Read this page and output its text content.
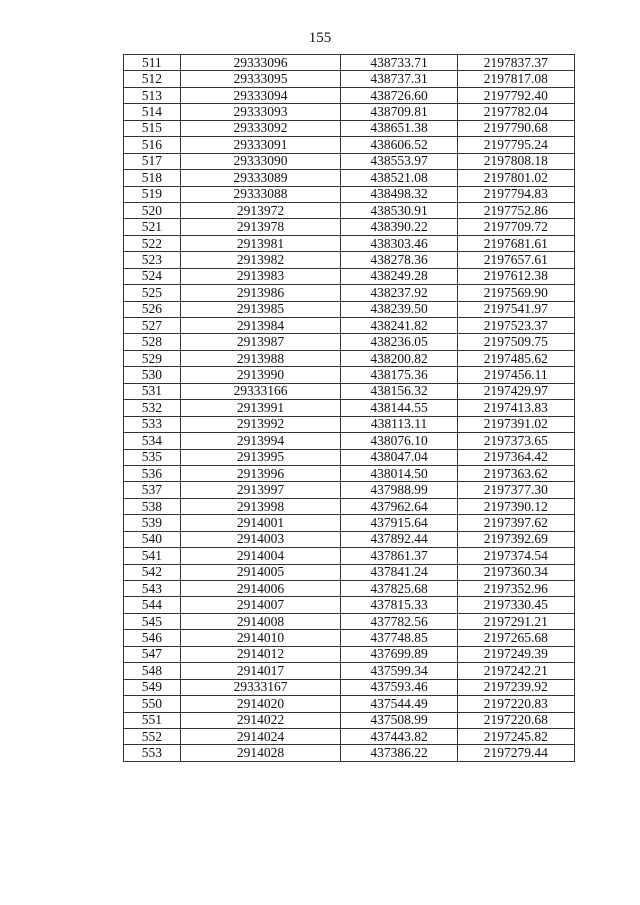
155
511	29333096	438733.71	2197837.37
512	29333095	438737.31	2197817.08
513	29333094	438726.60	2197792.40
514	29333093	438709.81	2197782.04
515	29333092	438651.38	2197790.68
516	29333091	438606.52	2197795.24
517	29333090	438553.97	2197808.18
518	29333089	438521.08	2197801.02
519	29333088	438498.32	2197794.83
520	2913972	438530.91	2197752.86
521	2913978	438390.22	2197709.72
522	2913981	438303.46	2197681.61
523	2913982	438278.36	2197657.61
524	2913983	438249.28	2197612.38
525	2913986	438237.92	2197569.90
526	2913985	438239.50	2197541.97
527	2913984	438241.82	2197523.37
528	2913987	438236.05	2197509.75
529	2913988	438200.82	2197485.62
530	2913990	438175.36	2197456.11
531	29333166	438156.32	2197429.97
532	2913991	438144.55	2197413.83
533	2913992	438113.11	2197391.02
534	2913994	438076.10	2197373.65
535	2913995	438047.04	2197364.42
536	2913996	438014.50	2197363.62
537	2913997	437988.99	2197377.30
538	2913998	437962.64	2197390.12
539	2914001	437915.64	2197397.62
540	2914003	437892.44	2197392.69
541	2914004	437861.37	2197374.54
542	2914005	437841.24	2197360.34
543	2914006	437825.68	2197352.96
544	2914007	437815.33	2197330.45
545	2914008	437782.56	2197291.21
546	2914010	437748.85	2197265.68
547	2914012	437699.89	2197249.39
548	2914017	437599.34	2197242.21
549	29333167	437593.46	2197239.92
550	2914020	437544.49	2197220.83
551	2914022	437508.99	2197220.68
552	2914024	437443.82	2197245.82
553	2914028	437386.22	2197279.44
